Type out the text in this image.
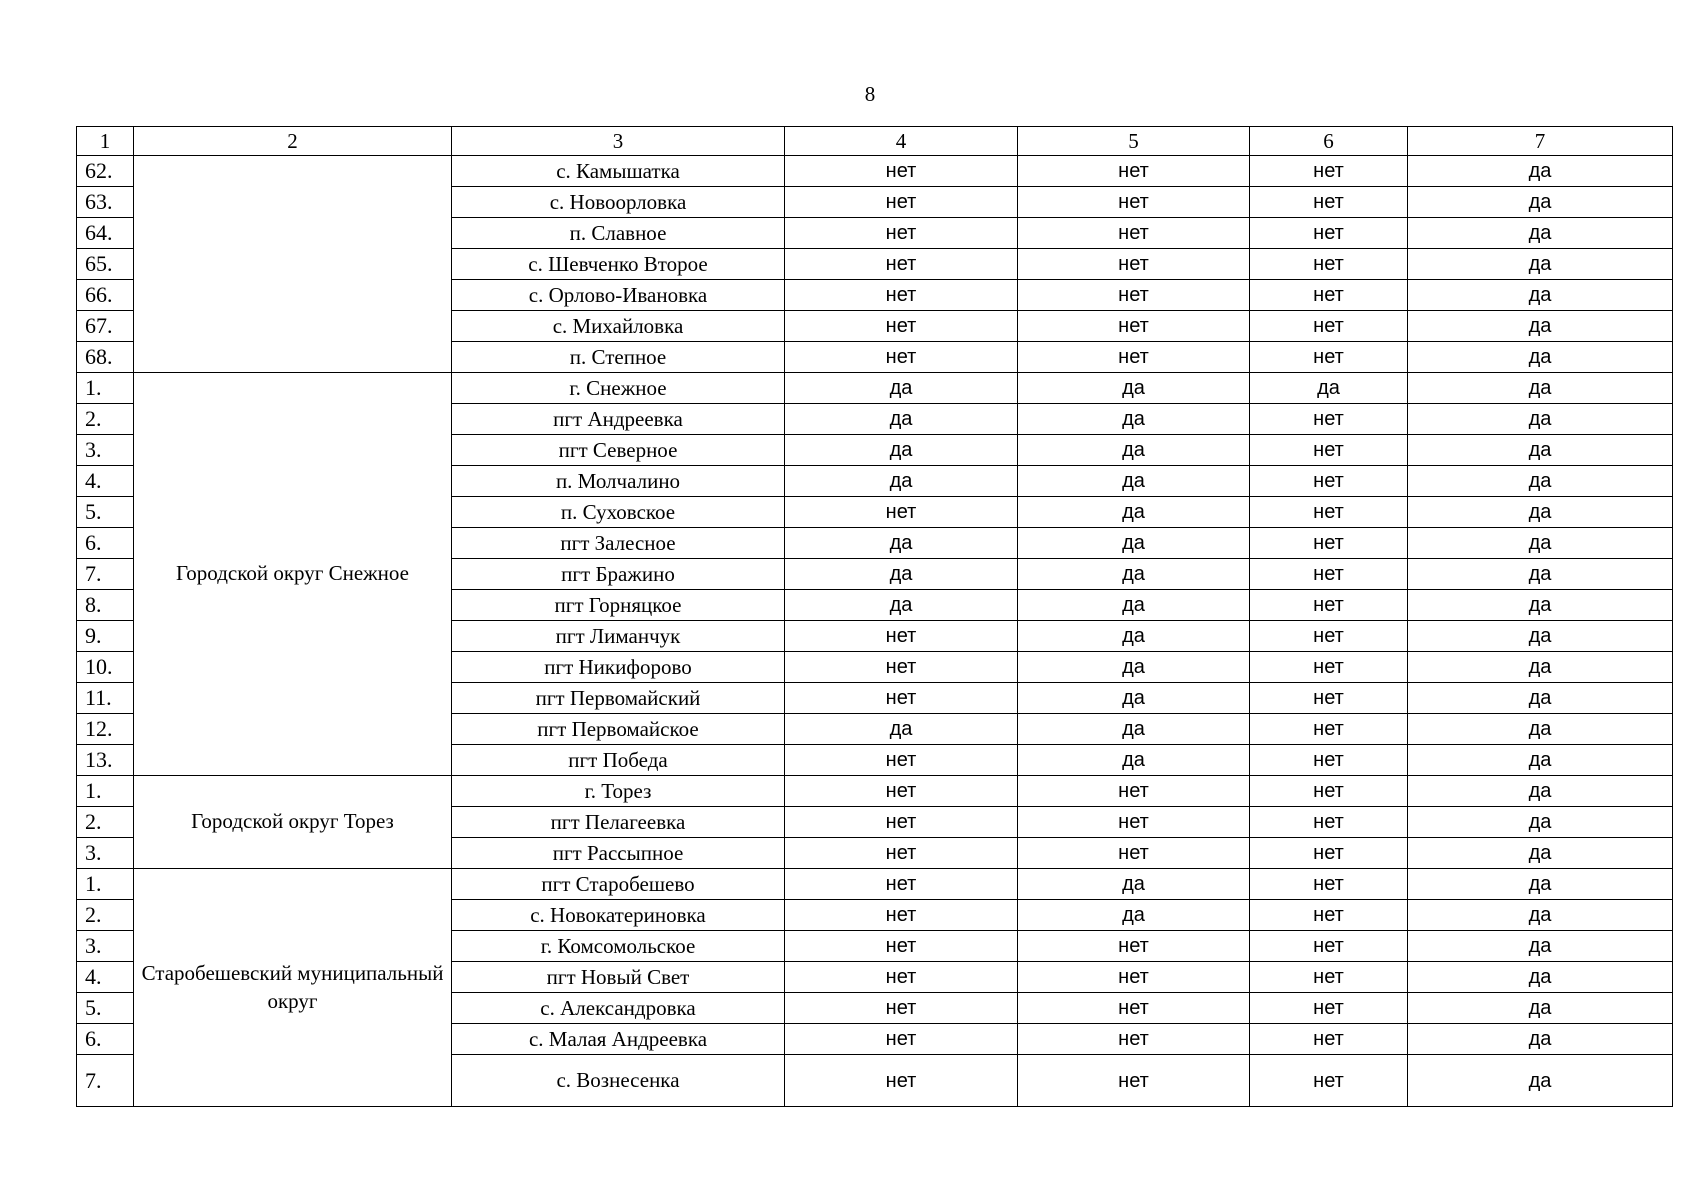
8
1	2	3	4	5	6	7
62.		с. Камышатка	нет	нет	нет	да
63.		с. Новоорловка	нет	нет	нет	да
64.		п. Славное	нет	нет	нет	да
65.		с. Шевченко Второе	нет	нет	нет	да
66.		с. Орлово-Ивановка	нет	нет	нет	да
67.		с. Михайловка	нет	нет	нет	да
68.		п. Степное	нет	нет	нет	да
1.	Городской округ Снежное	г. Снежное	да	да	да	да
2.		пгт Андреевка	да	да	нет	да
3.		пгт Северное	да	да	нет	да
4.		п. Молчалино	да	да	нет	да
5.		п. Суховское	нет	да	нет	да
6.		пгт Залесное	да	да	нет	да
7.		пгт Бражино	да	да	нет	да
8.		пгт Горняцкое	да	да	нет	да
9.		пгт Лиманчук	нет	да	нет	да
10.		пгт Никифорово	нет	да	нет	да
11.		пгт Первомайский	нет	да	нет	да
12.		пгт Первомайское	да	да	нет	да
13.		пгт Победа	нет	да	нет	да
1.	Городской округ Торез	г. Торез	нет	нет	нет	да
2.		пгт Пелагеевка	нет	нет	нет	да
3.		пгт Рассыпное	нет	нет	нет	да
1.	Старобешевский муниципальный округ	пгт Старобешево	нет	да	нет	да
2.		с. Новокатериновка	нет	да	нет	да
3.		г. Комсомольское	нет	нет	нет	да
4.		пгт Новый Свет	нет	нет	нет	да
5.		с. Александровка	нет	нет	нет	да
6.		с. Малая Андреевка	нет	нет	нет	да
7.		с. Вознесенка	нет	нет	нет	да
